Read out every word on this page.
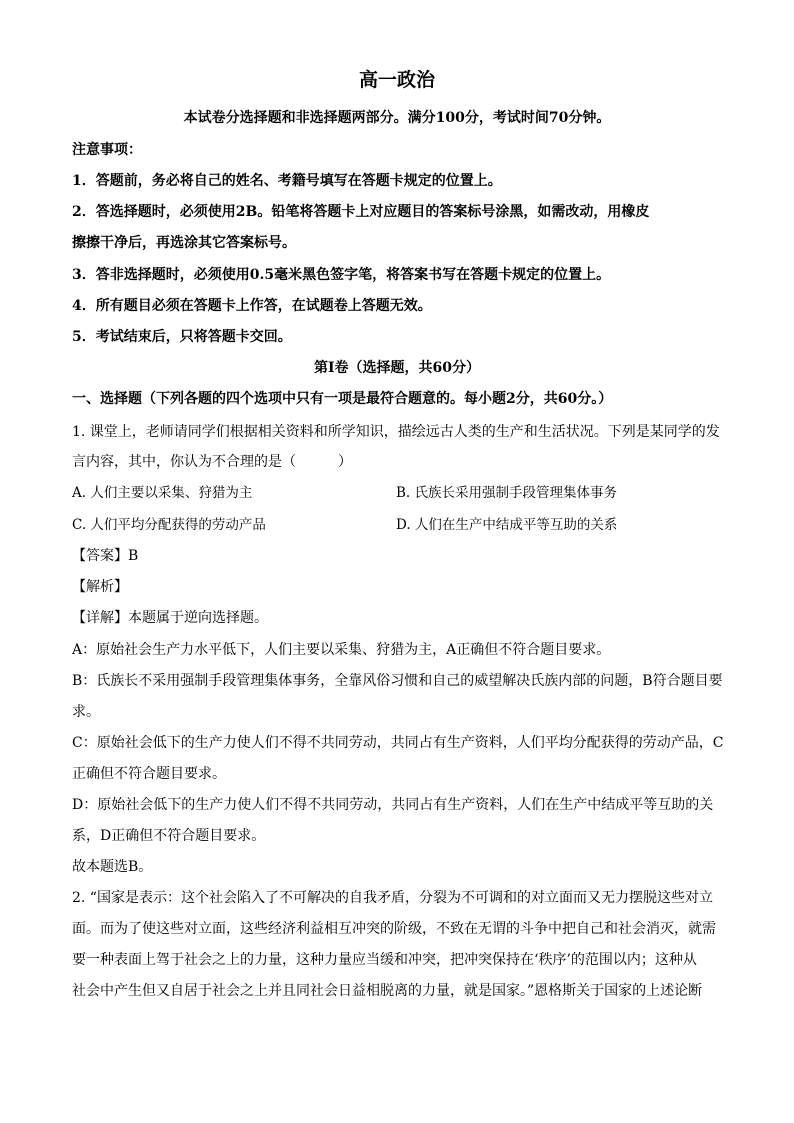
高一政治
本试卷分选择题和非选择题两部分。满分100分，考试时间70分钟。
注意事项：
1．答题前，务必将自己的姓名、考籍号填写在答题卡规定的位置上。
2．答选择题时，必须使用2B。铅笔将答题卡上对应题目的答案标号涂黑，如需改动，用橡皮
擦擦干净后，再选涂其它答案标号。
3．答非选择题时，必须使用0.5毫米黑色签字笔，将答案书写在答题卡规定的位置上。
4．所有题目必须在答题卡上作答，在试题卷上答题无效。
5．考试结束后，只将答题卡交回。
第Ⅰ卷（选择题，共60分）
一、选择题（下列各题的四个选项中只有一项是最符合题意的。每小题2分，共60分。）
1. 课堂上，老师请同学们根据相关资料和所学知识，描绘远古人类的生产和生活状况。下列是某同学的发
言内容，其中，你认为不合理的是（　　　）
A. 人们主要以采集、狩猎为主	B. 氏族长采用强制手段管理集体事务
C. 人们平均分配获得的劳动产品	D. 人们在生产中结成平等互助的关系
【答案】B
【解析】
【详解】本题属于逆向选择题。
A：原始社会生产力水平低下，人们主要以采集、狩猎为主，A正确但不符合题目要求。
B：氏族长不采用强制手段管理集体事务，全靠风俗习惯和自己的威望解决氏族内部的问题，B符合题目要
求。
C：原始社会低下的生产力使人们不得不共同劳动，共同占有生产资料，人们平均分配获得的劳动产品，C
正确但不符合题目要求。
D：原始社会低下的生产力使人们不得不共同劳动，共同占有生产资料，人们在生产中结成平等互助的关
系，D正确但不符合题目要求。
故本题选B。
2. “国家是表示：这个社会陷入了不可解决的自我矛盾，分裂为不可调和的对立面而又无力摆脱这些对立
面。而为了使这些对立面，这些经济利益相互冲突的阶级，不致在无谓的斗争中把自己和社会消灭，就需
要一种表面上驾于社会之上的力量，这种力量应当缓和冲突，把冲突保持在‘秩序’的范围以内；这种从
社会中产生但又自居于社会之上并且同社会日益相脱离的力量，就是国家。”恩格斯关于国家的上述论断
